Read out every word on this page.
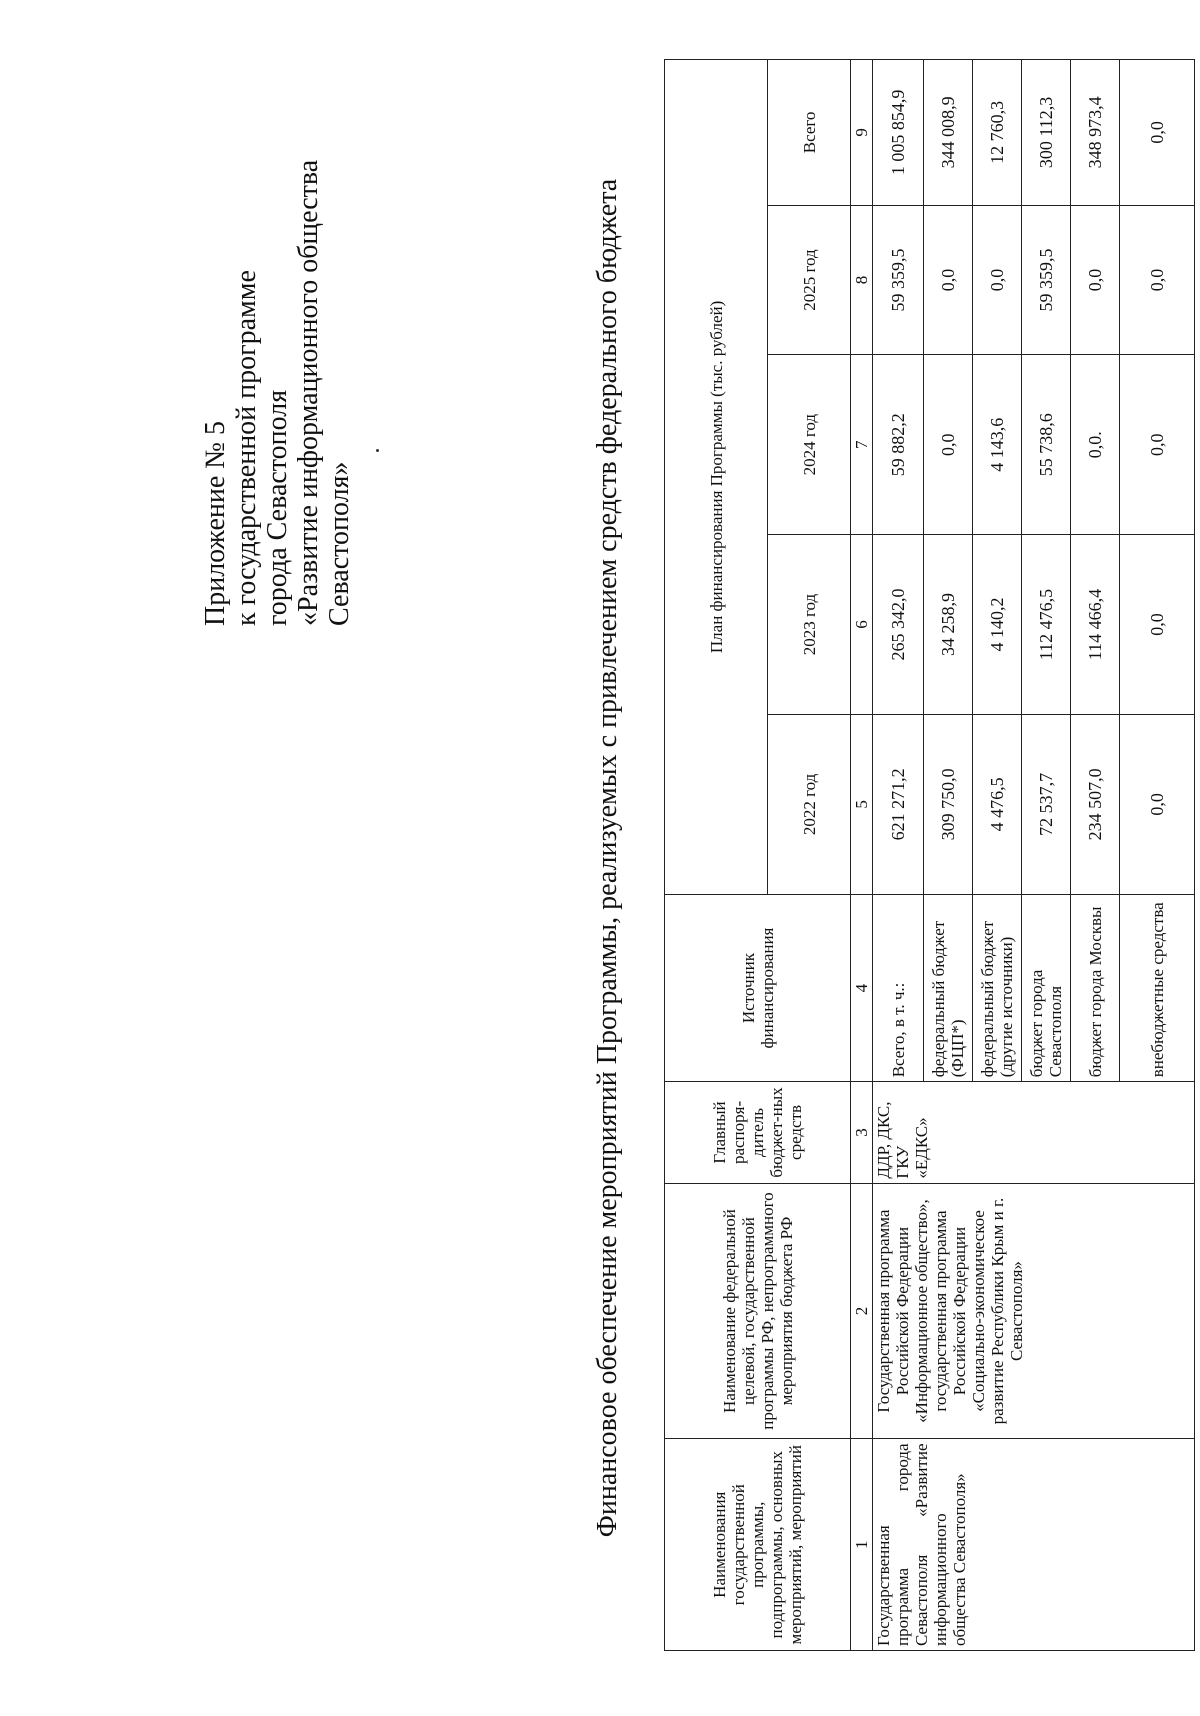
Приложение № 5 к государственной программе города Севастополя «Развитие информационного общества Севастополя»	Финансовое обеспечение мероприятий Программы, реализуемых с привлечением средств федерального бюджета
Наименования государственной программы, подпрограммы, основных мероприятий, мероприятий	Наименование федеральной целевой, государственной программы РФ, непрограммного мероприятия бюджета РФ	Главный распоря-дитель бюджет-ных средств	Источник финансирования	План финансирования Программы (тыс. рублей)				
				2022 год	2023 год	2024 год	2025 год	Всего
1	2	3	4	5	6	7	8	9
Государственная программа города Севастополя «Развитие информационного общества Севастополя»	Государственная программа Российской Федерации «Информационное общество», государственная программа Российской Федерации «Социально-экономическое развитие Республики Крым и г. Севастополя»	ДДР, ДКС, ГКУ «ЕДКС»	Всего, в т. ч.:	621 271,2	265 342,0	59 882,2	59 359,5	1 005 854,9
			федеральный бюджет (ФЦП*)	309 750,0	34 258,9	0,0	0,0	344 008,9
			федеральный бюджет (другие источники)	4 476,5	4 140,2	4 143,6	0,0	12 760,3
			бюджет города Севастополя	72 537,7	112 476,5	55 738,6	59 359,5	300 112,3
			бюджет города Москвы	234 507,0	114 466,4	0,0.	0,0	348 973,4
			внебюджетные средства	0,0	0,0	0,0	0,0	0,0
